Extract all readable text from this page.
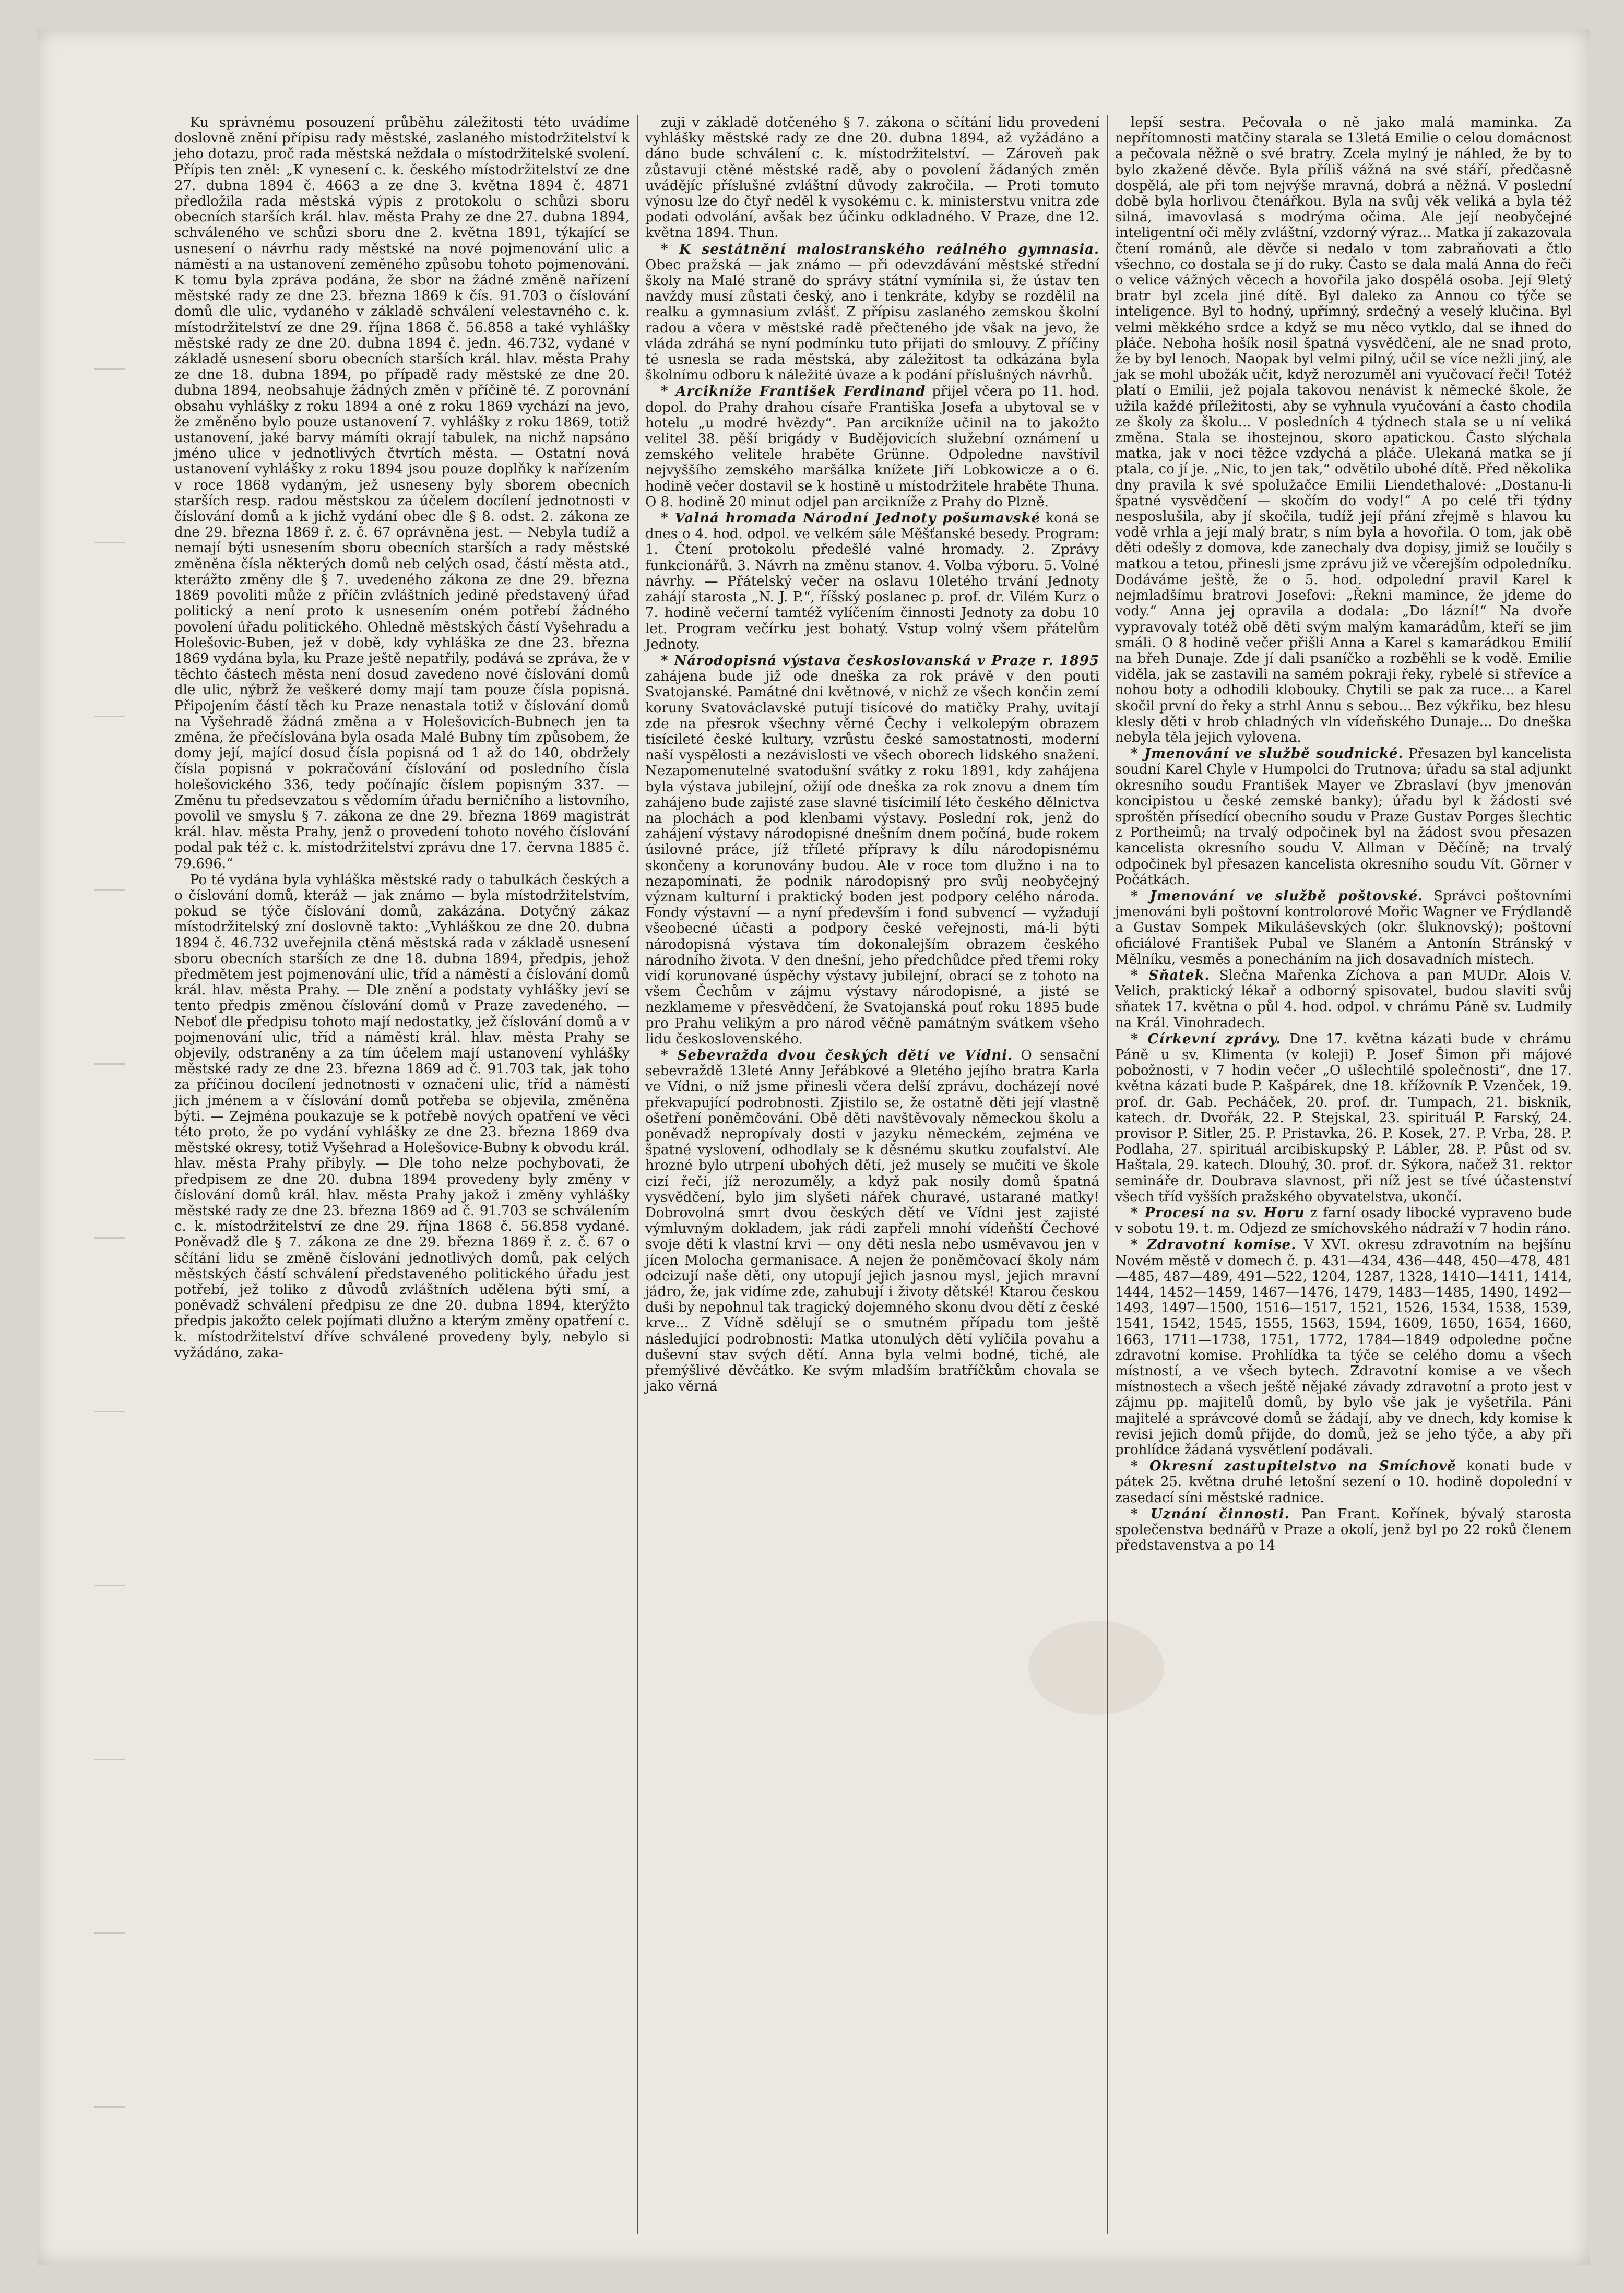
Ku správnému posouzení průběhu záležitosti této uvádíme doslovně znění přípisu rady městské, zaslaného místodržitelství k jeho dotazu, proč rada městská neždala o místodržitelské svolení. Přípis ten zněl: „K vynesení c. k. českého místodržitelství ze dne 27. dubna 1894 č. 4663 a ze dne 3. května 1894 č. 4871 předložila rada městská výpis z protokolu o schůzi sboru obecních starších král. hlav. města Prahy ze dne 27. dubna 1894, schváleného ve schůzi sboru dne 2. května 1891, týkající se usnesení o návrhu rady městské na nové pojmenování ulic a náměstí a na ustanovení zeměného způsobu tohoto pojmenování. K tomu byla zpráva podána, že sbor na žádné změně nařízení městské rady ze dne 23. března 1869 k čís. 91.703 o číslování domů dle ulic, vydaného v základě schválení velestavného c. k. místodržitelství ze dne 29. října 1868 č. 56.858 a také vyhlášky městské rady ze dne 20. dubna 1894 č. jedn. 46.732, vydané v základě usnesení sboru obecních starších král. hlav. města Prahy ze dne 18. dubna 1894, po případě rady městské ze dne 20. dubna 1894, neobsahuje žádných změn v příčině té. Z porovnání obsahu vyhlášky z roku 1894 a oné z roku 1869 vychází na jevo, že změněno bylo pouze ustanovení 7. vyhlášky z roku 1869, totiž ustanovení, jaké barvy mámíti okrají tabulek, na nichž napsáno jméno ulice v jednotlivých čtvrtích města. — Ostatní nová ustanovení vyhlášky z roku 1894 jsou pouze doplňky k nařízením v roce 1868 vydaným, jež usneseny byly sborem obecních starších resp. radou městskou za účelem docílení jednotnosti v číslování domů a k jichž vydání obec dle § 8. odst. 2. zákona ze dne 29. března 1869 ř. z. č. 67 oprávněna jest. — Nebyla tudíž a nemají býti usnesením sboru obecních starších a rady městské změněna čísla některých domů neb celých osad, částí města atd., kterážto změny dle § 7. uvedeného zákona ze dne 29. března 1869 povoliti může z příčin zvláštních jediné představený úřad politický a není proto k usnesením oném potřebí žádného povolení úřadu politického. Ohledně městských částí Vyšehradu a Holešovic-Buben, jež v době, kdy vyhláška ze dne 23. března 1869 vydána byla, ku Praze ještě nepatřily, podává se zpráva, že v těchto částech města není dosud zavedeno nové číslování domů dle ulic, nýbrž že veškeré domy mají tam pouze čísla popisná. Připojením částí těch ku Praze nenastala totiž v číslování domů na Vyšehradě žádná změna a v Holešovicích-Bubnech jen ta změna, že přečíslována byla osada Malé Bubny tím způsobem, že domy její, mající dosud čísla popisná od 1 až do 140, obdržely čísla popisná v pokračování číslování od posledního čísla holešovického 336, tedy počínajíc číslem popisným 337. — Změnu tu předsevzatou s vědomím úřadu berničního a listovního, povolil ve smyslu § 7. zákona ze dne 29. března 1869 magistrát král. hlav. města Prahy, jenž o provedení tohoto nového číslování podal pak též c. k. místodržitelství zprávu dne 17. června 1885 č. 79.696.“

Po té vydána byla vyhláška městské rady o tabulkách českých a o číslování domů, kteráž — jak známo — byla místodržitelstvím, pokud se týče číslování domů, zakázána. Dotyčný zákaz místodržitelský zní doslovně takto: „Vyhláškou ze dne 20. dubna 1894 č. 46.732 uveřejnila ctěná městská rada v základě usnesení sboru obecních starších ze dne 18. dubna 1894, předpis, jehož předmětem jest pojmenování ulic, tříd a náměstí a číslování domů král. hlav. města Prahy. — Dle znění a podstaty vyhlášky jeví se tento předpis změnou číslování domů v Praze zavedeného. — Neboť dle předpisu tohoto mají nedostatky, jež číslování domů a v pojmenování ulic, tříd a náměstí král. hlav. města Prahy se objevily, odstraněny a za tím účelem mají ustanovení vyhlášky městské rady ze dne 23. března 1869 ad č. 91.703 tak, jak toho za příčinou docílení jednotnosti v označení ulic, tříd a náměstí jich jménem a v číslování domů potřeba se objevila, změněna býti. — Zejména poukazuje se k potřebě nových opatření ve věci této proto, že po vydání vyhlášky ze dne 23. března 1869 dva městské okresy, totiž Vyšehrad a Holešovice-Bubny k obvodu král. hlav. města Prahy přibyly. — Dle toho nelze pochybovati, že předpisem ze dne 20. dubna 1894 provedeny byly změny v číslování domů král. hlav. města Prahy jakož i změny vyhlášky městské rady ze dne 23. března 1869 ad č. 91.703 se schválením c. k. místodržitelství ze dne 29. října 1868 č. 56.858 vydané. Poněvadž dle § 7. zákona ze dne 29. března 1869 ř. z. č. 67 o sčítání lidu se změně číslování jednotlivých domů, pak celých městských částí schválení představeného politického úřadu jest potřebí, jež toliko z důvodů zvláštních udělena býti smí, a poněvadž schválení předpisu ze dne 20. dubna 1894, kterýžto předpis jakožto celek pojímati dlužno a kterým změny opatření c. k. místodržitelství dříve schválené provedeny byly, nebylo si vyžádáno, zaka-

zuji v základě dotčeného § 7. zákona o sčítání lidu provedení vyhlášky městské rady ze dne 20. dubna 1894, až vyžádáno a dáno bude schválení c. k. místodržitelství. — Zároveň pak zůstavuji ctěné městské radě, aby o povolení žádaných změn uvádějíc příslušné zvláštní důvody zakročila. — Proti tomuto výnosu lze do čtyř neděl k vysokému c. k. ministerstvu vnitra zde podati odvolání, avšak bez účinku odkladného. V Praze, dne 12. května 1894. Thun.

* K sestátnění malostranského reálného gymnasia. Obec pražská — jak známo — při odevzdávání městské střední školy na Malé straně do správy státní vymínila si, že ústav ten navždy musí zůstati český, ano i tenkráte, kdyby se rozdělil na realku a gymnasium zvlášť. Z přípisu zaslaného zemskou školní radou a včera v městské radě přečteného jde však na jevo, že vláda zdráhá se nyní podmínku tuto přijati do smlouvy. Z příčiny té usnesla se rada městská, aby záležitost ta odkázána byla školnímu odboru k náležité úvaze a k podání příslušných návrhů.

* Arcikníže František Ferdinand přijel včera po 11. hod. dopol. do Prahy drahou císaře Františka Josefa a ubytoval se v hotelu „u modré hvězdy“. Pan arcikníže učinil na to jakožto velitel 38. pěší brigády v Budějovicích služební oznámení u zemského velitele hraběte Grünne. Odpoledne navštívil nejvyššího zemského maršálka knížete Jiří Lobkowicze a o 6. hodině večer dostavil se k hostině u místodržitele hraběte Thuna. O 8. hodině 20 minut odjel pan arcikníže z Prahy do Plzně.

* Valná hromada Národní Jednoty pošumavské koná se dnes o 4. hod. odpol. ve velkém sále Měšťanské besedy. Program: 1. Čtení protokolu předešlé valné hromady. 2. Zprávy funkcionářů. 3. Návrh na změnu stanov. 4. Volba výboru. 5. Volné návrhy. — Přátelský večer na oslavu 10letého trvání Jednoty zahájí starosta „N. J. P.“, říšský poslanec p. prof. dr. Vilém Kurz o 7. hodině večerní tamtéž vylíčením činnosti Jednoty za dobu 10 let. Program večírku jest bohatý. Vstup volný všem přátelům Jednoty.

* Národopisná výstava českoslovanská v Praze r. 1895 zahájena bude již ode dneška za rok právě v den pouti Svatojanské. Památné dni květnové, v nichž ze všech končin zemí koruny Svatováclavské putují tisícové do matičky Prahy, uvítají zde na přesrok všechny věrné Čechy i velkolepým obrazem tisícileté české kultury, vzrůstu české samostatnosti, moderní naší vyspělosti a nezávislosti ve všech oborech lidského snažení. Nezapomenutelné svatodušní svátky z roku 1891, kdy zahájena byla výstava jubilejní, ožijí ode dneška za rok znovu a dnem tím zahájeno bude zajisté zase slavné tisícimilí léto českého dělnictva na plochách a pod klenbami výstavy. Poslední rok, jenž do zahájení výstavy národopisné dnešním dnem počíná, bude rokem úsilovné práce, jíž tříleté přípravy k dílu národopisnému skončeny a korunovány budou. Ale v roce tom dlužno i na to nezapomínati, že podnik národopisný pro svůj neobyčejný význam kulturní i praktický boden jest podpory celého národa. Fondy výstavní — a nyní především i fond subvencí — vyžadují všeobecné účasti a podpory české veřejnosti, má-li býti národopisná výstava tím dokonalejším obrazem českého národního života. V den dnešní, jeho předchůdce před třemi roky vidí korunované úspěchy výstavy jubilejní, obrací se z tohoto na všem Čechům v zájmu výstavy národopisné, a jisté se nezklameme v přesvědčení, že Svatojanská pouť roku 1895 bude pro Prahu velikým a pro národ věčně památným svátkem všeho lidu československého.

* Sebevražda dvou českých dětí ve Vídni. O sensační sebevraždě 13leté Anny Jeřábkové a 9letého jejího bratra Karla ve Vídni, o níž jsme přinesli včera delší zprávu, docházejí nové překvapující podrobnosti. Zjistilo se, že ostatně děti její vlastně ošetření poněmčování. Obě děti navštěvovaly německou školu a poněvadž nepropívaly dosti v jazyku německém, zejména ve špatné vyslovení, odhodlaly se k děsnému skutku zoufalství. Ale hrozné bylo utrpení ubohých dětí, jež musely se mučiti ve škole cizí řeči, jíž nerozuměly, a když pak nosily domů špatná vysvědčení, bylo jim slyšeti nářek churavé, ustarané matky! Dobrovolná smrt dvou českých dětí ve Vídni jest zajisté výmluvným dokladem, jak rádi zapřeli mnohí vídeňští Čechové svoje děti k vlastní krvi — ony děti nesla nebo usměvavou jen v jícen Molocha germanisace. A nejen že poněmčovací školy nám odcizují naše děti, ony utopují jejich jasnou mysl, jejich mravní jádro, že, jak vidíme zde, zahubují i životy dětské! Ktarou českou duši by nepohnul tak tragický dojemného skonu dvou dětí z české krve... Z Vídně sdělují se o smutném případu tom ještě následující podrobnosti: Matka utonulých dětí vylíčila povahu a duševní stav svých dětí. Anna byla velmi bodné, tiché, ale přemýšlivé děvčátko. Ke svým mladším bratříčkům chovala se jako věrná

lepší sestra. Pečovala o ně jako malá maminka. Za nepřítomnosti matčiny starala se 13letá Emilie o celou domácnost a pečovala něžně o své bratry. Zcela mylný je náhled, že by to bylo zkažené děvče. Byla příliš vážná na své stáří, předčasně dospělá, ale při tom nejvýše mravná, dobrá a něžná. V poslední době byla horlivou čtenářkou. Byla na svůj věk veliká a byla též silná, imavovlasá s modrýma očima. Ale její neobyčejné inteligentní oči měly zvláštní, vzdorný výraz... Matka jí zakazovala čtení románů, ale děvče si nedalo v tom zabraňovati a čtlo všechno, co dostala se jí do ruky. Často se dala malá Anna do řeči o velice vážných věcech a hovořila jako dospělá osoba. Její 9letý bratr byl zcela jiné dítě. Byl daleko za Annou co týče se inteligence. Byl to hodný, upřímný, srdečný a veselý klučina. Byl velmi měkkého srdce a když se mu něco vytklo, dal se ihned do pláče. Neboha hošík nosil špatná vysvědčení, ale ne snad proto, že by byl lenoch. Naopak byl velmi pilný, učil se více nežli jiný, ale jak se mohl ubožák učit, když nerozuměl ani vyučovací řeči! Totéž platí o Emilii, jež pojala takovou nenávist k německé škole, že užila každé příležitosti, aby se vyhnula vyučování a často chodila ze školy za školu... V posledních 4 týdnech stala se u ní veliká změna. Stala se ihostejnou, skoro apatickou. Často slýchala matka, jak v noci těžce vzdychá a pláče. Ulekaná matka se jí ptala, co jí je. „Nic, to jen tak,“ odvětilo ubohé dítě. Před několika dny pravila k své spolužačce Emilii Liendethalové: „Dostanu-li špatné vysvědčení — skočím do vody!“ A po celé tři týdny nesposlušila, aby jí skočila, tudíž její přání zřejmě s hlavou ku vodě vrhla a její malý bratr, s ním byla a hovořila. O tom, jak obě děti odešly z domova, kde zanechaly dva dopisy, jimiž se loučily s matkou a tetou, přinesli jsme zprávu již ve včerejším odpoledníku. Dodáváme ještě, že o 5. hod. odpolední pravil Karel k nejmladšímu bratrovi Josefovi: „Řekni mamince, že jdeme do vody.“ Anna jej opravila a dodala: „Do lázní!“ Na dvoře vypravovaly totéž obě děti svým malým kamarádům, kteří se jim smáli. O 8 hodině večer přišli Anna a Karel s kamarádkou Emilií na břeh Dunaje. Zde jí dali psaníčko a rozběhli se k vodě. Emilie viděla, jak se zastavili na samém pokraji řeky, rybelé si střevíce a nohou boty a odhodili klobouky. Chytili se pak za ruce... a Karel skočil první do řeky a strhl Annu s sebou... Bez výkřiku, bez hlesu klesly děti v hrob chladných vln vídeňského Dunaje... Do dneška nebyla těla jejich vylovena.

* Jmenování ve službě soudnické. Přesazen byl kancelista soudní Karel Chyle v Humpolci do Trutnova; úřadu sa stal adjunkt okresního soudu František Mayer ve Zbraslaví (byv jmenován koncipistou u české zemské banky); úřadu byl k žádosti své sproštěn přísedící obecního soudu v Praze Gustav Porges šlechtic z Portheimů; na trvalý odpočinek byl na žádost svou přesazen kancelista okresního soudu V. Allman v Děčíně; na trvalý odpočinek byl přesazen kancelista okresního soudu Vít. Görner v Počátkách.

* Jmenování ve službě poštovské. Správci poštovními jmenováni byli poštovní kontrolorové Mořic Wagner ve Frýdlandě a Gustav Sompek Mikuláševských (okr. šluknovský); poštovní oficiálové František Pubal ve Slaném a Antonín Stránský v Mělníku, vesměs a ponecháním na jich dosavadních místech.

* Sňatek. Slečna Mařenka Zíchova a pan MUDr. Alois V. Velich, praktický lékař a odborný spisovatel, budou slaviti svůj sňatek 17. května o půl 4. hod. odpol. v chrámu Páně sv. Ludmily na Král. Vinohradech.

* Církevní zprávy. Dne 17. května kázati bude v chrámu Páně u sv. Klimenta (v koleji) P. Josef Šimon při májové pobožnosti, v 7 hodin večer „O ušlechtilé společnosti“, dne 17. května kázati bude P. Kašpárek, dne 18. křížovník P. Vzenček, 19. prof. dr. Gab. Pecháček, 20. prof. dr. Tumpach, 21. bisknik, katech. dr. Dvořák, 22. P. Stejskal, 23. spirituál P. Farský, 24. provisor P. Sitler, 25. P. Pristavka, 26. P. Kosek, 27. P. Vrba, 28. P. Podlaha, 27. spirituál arcibiskupský P. Lábler, 28. P. Půst od sv. Haštala, 29. katech. Dlouhý, 30. prof. dr. Sýkora, načež 31. rektor semináře dr. Doubrava slavnost, při níž jest se tívé účastenství všech tříd vyšších pražského obyvatelstva, ukončí.

* Procesí na sv. Horu z farní osady libocké vypraveno bude v sobotu 19. t. m. Odjezd ze smíchovského nádraží v 7 hodin ráno.

* Zdravotní komise. V XVI. okresu zdravotním na bejšínu Novém městě v domech č. p. 431—434, 436—448, 450—478, 481—485, 487—489, 491—522, 1204, 1287, 1328, 1410—1411, 1414, 1444, 1452—1459, 1467—1476, 1479, 1483—1485, 1490, 1492—1493, 1497—1500, 1516—1517, 1521, 1526, 1534, 1538, 1539, 1541, 1542, 1545, 1555, 1563, 1594, 1609, 1650, 1654, 1660, 1663, 1711—1738, 1751, 1772, 1784—1849 odpoledne počne zdravotní komise. Prohlídka ta týče se celého domu a všech místností, a ve všech bytech. Zdravotní komise a ve všech místnostech a všech ještě nějaké závady zdravotní a proto jest v zájmu pp. majitelů domů, by bylo vše jak je vyšetřila. Páni majitelé a správcové domů se žádají, aby ve dnech, kdy komise k revisi jejich domů přijde, do domů, jež se jeho týče, a aby při prohlídce žádaná vysvětlení podávali.

* Okresní zastupitelstvo na Smíchově konati bude v pátek 25. května druhé letošní sezení o 10. hodině dopolední v zasedací síni městské radnice.

* Uznání činnosti. Pan Frant. Kořínek, bývalý starosta společenstva bednářů v Praze a okolí, jenž byl po 22 roků členem představenstva a po 14
